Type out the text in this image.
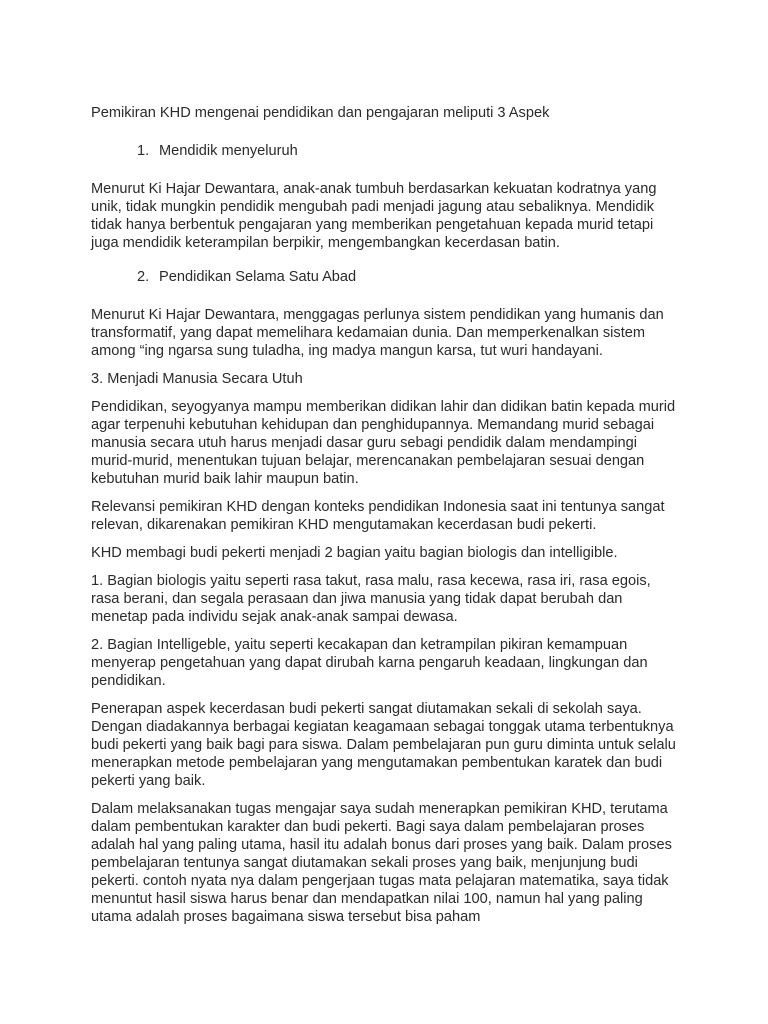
Pemikiran KHD mengenai pendidikan dan pengajaran meliputi 3 Aspek

1. Mendidik menyeluruh

Menurut Ki Hajar Dewantara, anak-anak tumbuh berdasarkan kekuatan kodratnya yang unik, tidak mungkin pendidik mengubah padi menjadi jagung atau sebaliknya. Mendidik tidak hanya berbentuk pengajaran yang memberikan pengetahuan kepada murid tetapi juga mendidik keterampilan berpikir, mengembangkan kecerdasan batin.

2. Pendidikan Selama Satu Abad

Menurut Ki Hajar Dewantara, menggagas perlunya sistem pendidikan yang humanis dan transformatif, yang dapat memelihara kedamaian dunia. Dan memperkenalkan sistem among “ing ngarsa sung tuladha, ing madya mangun karsa, tut wuri handayani.

3. Menjadi Manusia Secara Utuh

Pendidikan, seyogyanya mampu memberikan didikan lahir dan didikan batin kepada murid agar terpenuhi kebutuhan kehidupan dan penghidupannya. Memandang murid sebagai manusia secara utuh harus menjadi dasar guru sebagi pendidik dalam mendampingi murid-murid, menentukan tujuan belajar, merencanakan pembelajaran sesuai dengan kebutuhan murid baik lahir maupun batin.

Relevansi pemikiran KHD dengan konteks pendidikan Indonesia saat ini tentunya sangat relevan, dikarenakan pemikiran KHD mengutamakan kecerdasan budi pekerti.

KHD membagi budi pekerti menjadi 2 bagian yaitu bagian biologis dan intelligible.

1. Bagian biologis yaitu seperti rasa takut, rasa malu, rasa kecewa, rasa iri, rasa egois, rasa berani, dan segala perasaan dan jiwa manusia yang tidak dapat berubah dan menetap pada individu sejak anak-anak sampai dewasa.

2. Bagian Intelligeble, yaitu seperti kecakapan dan ketrampilan pikiran kemampuan menyerap pengetahuan yang dapat dirubah karna pengaruh keadaan, lingkungan dan pendidikan.

Penerapan aspek kecerdasan budi pekerti sangat diutamakan sekali di sekolah saya. Dengan diadakannya berbagai kegiatan keagamaan sebagai tonggak utama terbentuknya budi pekerti yang baik bagi para siswa. Dalam pembelajaran pun guru diminta untuk selalu menerapkan metode pembelajaran yang mengutamakan pembentukan karatek dan budi pekerti yang baik.

Dalam melaksanakan tugas mengajar saya sudah menerapkan pemikiran KHD, terutama dalam pembentukan karakter dan budi pekerti. Bagi saya dalam pembelajaran proses adalah hal yang paling utama, hasil itu adalah bonus dari proses yang baik. Dalam proses pembelajaran tentunya sangat diutamakan sekali proses yang baik, menjunjung budi pekerti. contoh nyata nya dalam pengerjaan tugas mata pelajaran matematika, saya tidak menuntut hasil siswa harus benar dan mendapatkan nilai 100, namun hal yang paling utama adalah proses bagaimana siswa tersebut bisa paham
